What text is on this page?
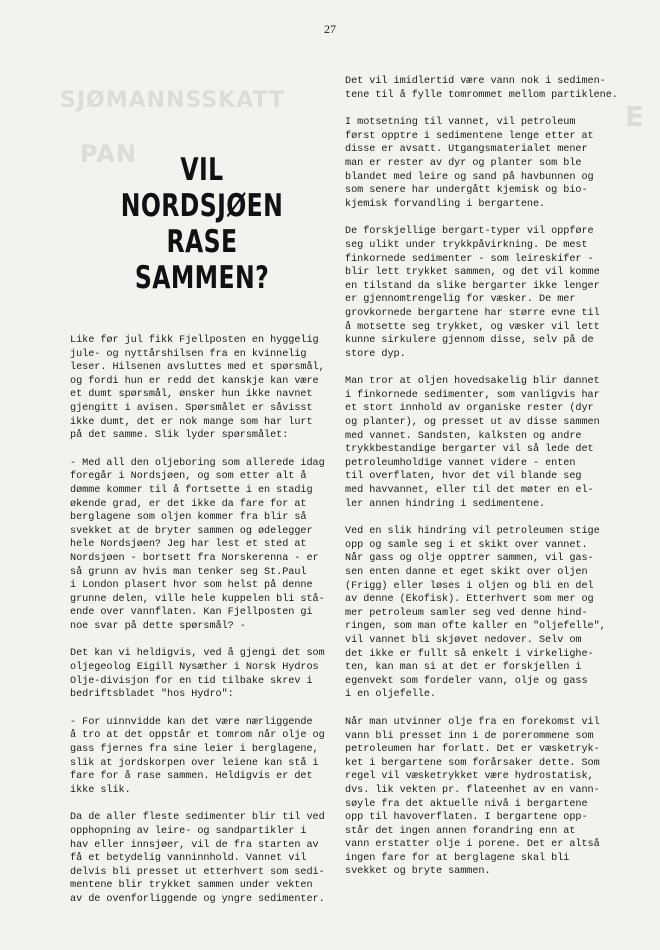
27
SJØMANNSSKATT
PAN
E
VIL NORDSJØEN
RASE SAMMEN?

Like før jul fikk Fjellposten en hyggelig
jule- og nyttårshilsen fra en kvinnelig
leser. Hilsenen avsluttes med et spørsmål,
og fordi hun er redd det kanskje kan være
et dumt spørsmål, ønsker hun ikke navnet
gjengitt i avisen. Spørsmålet er såvisst
ikke dumt, det er nok mange som har lurt
på det samme. Slik lyder spørsmålet:

- Med all den oljeboring som allerede idag
foregår i Nordsjøen, og som etter alt å
dømme kommer til å fortsette i en stadig
økende grad, er det ikke da fare for at
berglagene som oljen kommer fra blir så
svekket at de bryter sammen og ødelegger
hele Nordsjøen? Jeg har lest et sted at
Nordsjøen - bortsett fra Norskerenna - er
så grunn av hvis man tenker seg St.Paul
i London plasert hvor som helst på denne
grunne delen, ville hele kuppelen bli stå-
ende over vannflaten. Kan Fjellposten gi
noe svar på dette spørsmål? -

Det kan vi heldigvis, ved å gjengi det som
oljegeolog Eigill Nysæther i Norsk Hydros
Olje-divisjon for en tid tilbake skrev i
bedriftsbladet "hos Hydro":

- For uinnvidde kan det være nærliggende
å tro at det oppstår et tomrom når olje og
gass fjernes fra sine leier i berglagene,
slik at jordskorpen over leiene kan stå i
fare for å rase sammen. Heldigvis er det
ikke slik.

Da de aller fleste sedimenter blir til ved
opphopning av leire- og sandpartikler i
hav eller innsjøer, vil de fra starten av
få et betydelig vanninnhold. Vannet vil
delvis bli presset ut etterhvert som sedi-
mentene blir trykket sammen under vekten
av de ovenforliggende og yngre sedimenter.

Det vil imidlertid være vann nok i sedimen-
tene til å fylle tomrommet mellom partiklene.

I motsetning til vannet, vil petroleum
først opptre i sedimentene lenge etter at
disse er avsatt. Utgangsmaterialet mener
man er rester av dyr og planter som ble
blandet med leire og sand på havbunnen og
som senere har undergått kjemisk og bio-
kjemisk forvandling i bergartene.

De forskjellige bergart-typer vil oppføre
seg ulikt under trykkpåvirkning. De mest
finkornede sedimenter - som leireskifer -
blir lett trykket sammen, og det vil komme
en tilstand da slike bergarter ikke lenger
er gjennomtrengelig for væsker. De mer
grovkornede bergartene har større evne til
å motsette seg trykket, og væsker vil lett
kunne sirkulere gjennom disse, selv på de
store dyp.

Man tror at oljen hovedsakelig blir dannet
i finkornede sedimenter, som vanligvis har
et stort innhold av organiske rester (dyr
og planter), og presset ut av disse sammen
med vannet. Sandsten, kalksten og andre
trykkbestandige bergarter vil så lede det
petroleumholdige vannet videre - enten
til overflaten, hvor det vil blande seg
med havvannet, eller til det møter en el-
ler annen hindring i sedimentene.

Ved en slik hindring vil petroleumen stige
opp og samle seg i et skikt over vannet.
Når gass og olje opptrer sammen, vil gas-
sen enten danne et eget skikt over oljen
(Frigg) eller løses i oljen og bli en del
av denne (Ekofisk). Etterhvert som mer og
mer petroleum samler seg ved denne hind-
ringen, som man ofte kaller en "oljefelle",
vil vannet bli skjøvet nedover. Selv om
det ikke er fullt så enkelt i virkelighe-
ten, kan man si at det er forskjellen i
egenvekt som fordeler vann, olje og gass
i en oljefelle.

Når man utvinner olje fra en forekomst vil
vann bli presset inn i de porerommene som
petroleumen har forlatt. Det er væsketryk-
ket i bergartene som forårsaker dette. Som
regel vil væsketrykket være hydrostatisk,
dvs. lik vekten pr. flateenhet av en vann-
søyle fra det aktuelle nivå i bergartene
opp til havoverflaten. I bergartene opp-
står det ingen annen forandring enn at
vann erstatter olje i porene. Det er altså
ingen fare for at berglagene skal bli
svekket og bryte sammen.
